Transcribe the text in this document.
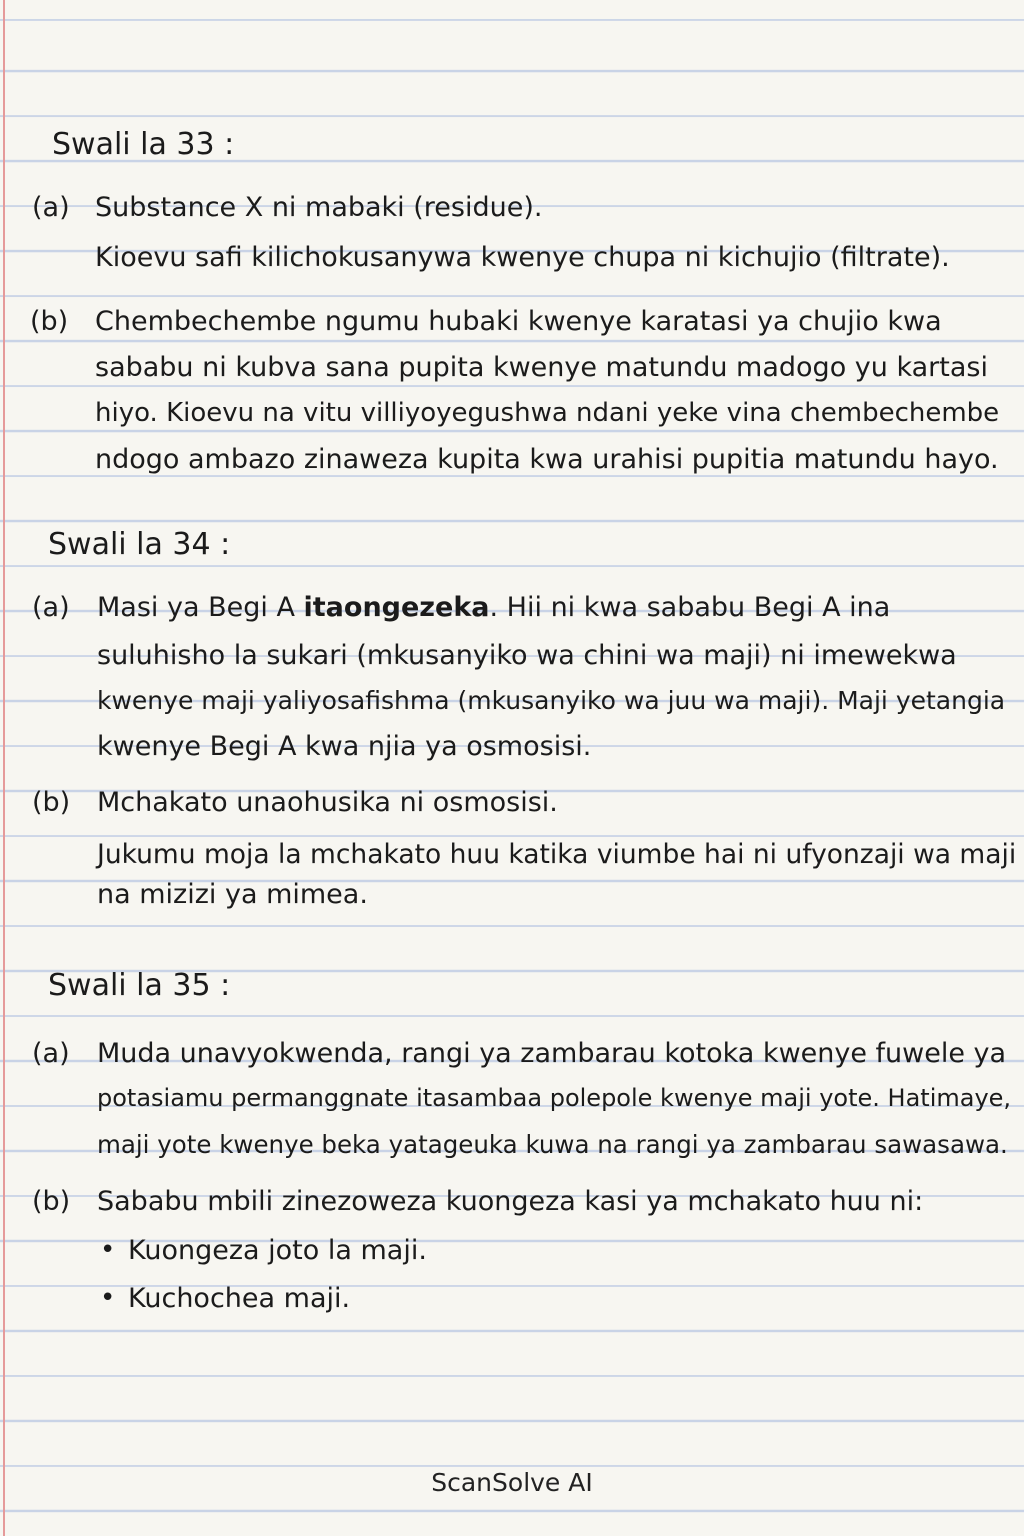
Swali la 33 :
(a) Substance X ni mabaki (residue).
Kioevu safi kilichokusanywa kwenye chupa ni kichujio (filtrate).
(b) Chembechembe ngumu hubaki kwenye karatasi ya chujio kwa
sababu ni kubva sana pupita kwenye matundu madogo yu kartasi
hiyo. Kioevu na vitu villiyoyegushwa ndani yeke vina chembechembe
ndogo ambazo zinaweza kupita kwa urahisi pupitia matundu hayo.
Swali la 34 :
(a) Masi ya Begi A itaongezeka. Hii ni kwa sababu Begi A ina
suluhisho la sukari (mkusanyiko wa chini wa maji) ni imewekwa
kwenye maji yaliyosafishma (mkusanyiko wa juu wa maji). Maji yetangia
kwenye Begi A kwa njia ya osmosisi.
(b) Mchakato unaohusika ni osmosisi.
Jukumu moja la mchakato huu katika viumbe hai ni ufyonzaji wa maji
na mizizi ya mimea.
Swali la 35 :
(a) Muda unavyokwenda, rangi ya zambarau kotoka kwenye fuwele ya
potasiamu permanggnate itasambaa polepole kwenye maji yote. Hatimaye,
maji yote kwenye beka yatageuka kuwa na rangi ya zambarau sawasawa.
(b) Sababu mbili zinezoweza kuongeza kasi ya mchakato huu ni:
• Kuongeza joto la maji.
• Kuchochea maji.
ScanSolve AI
